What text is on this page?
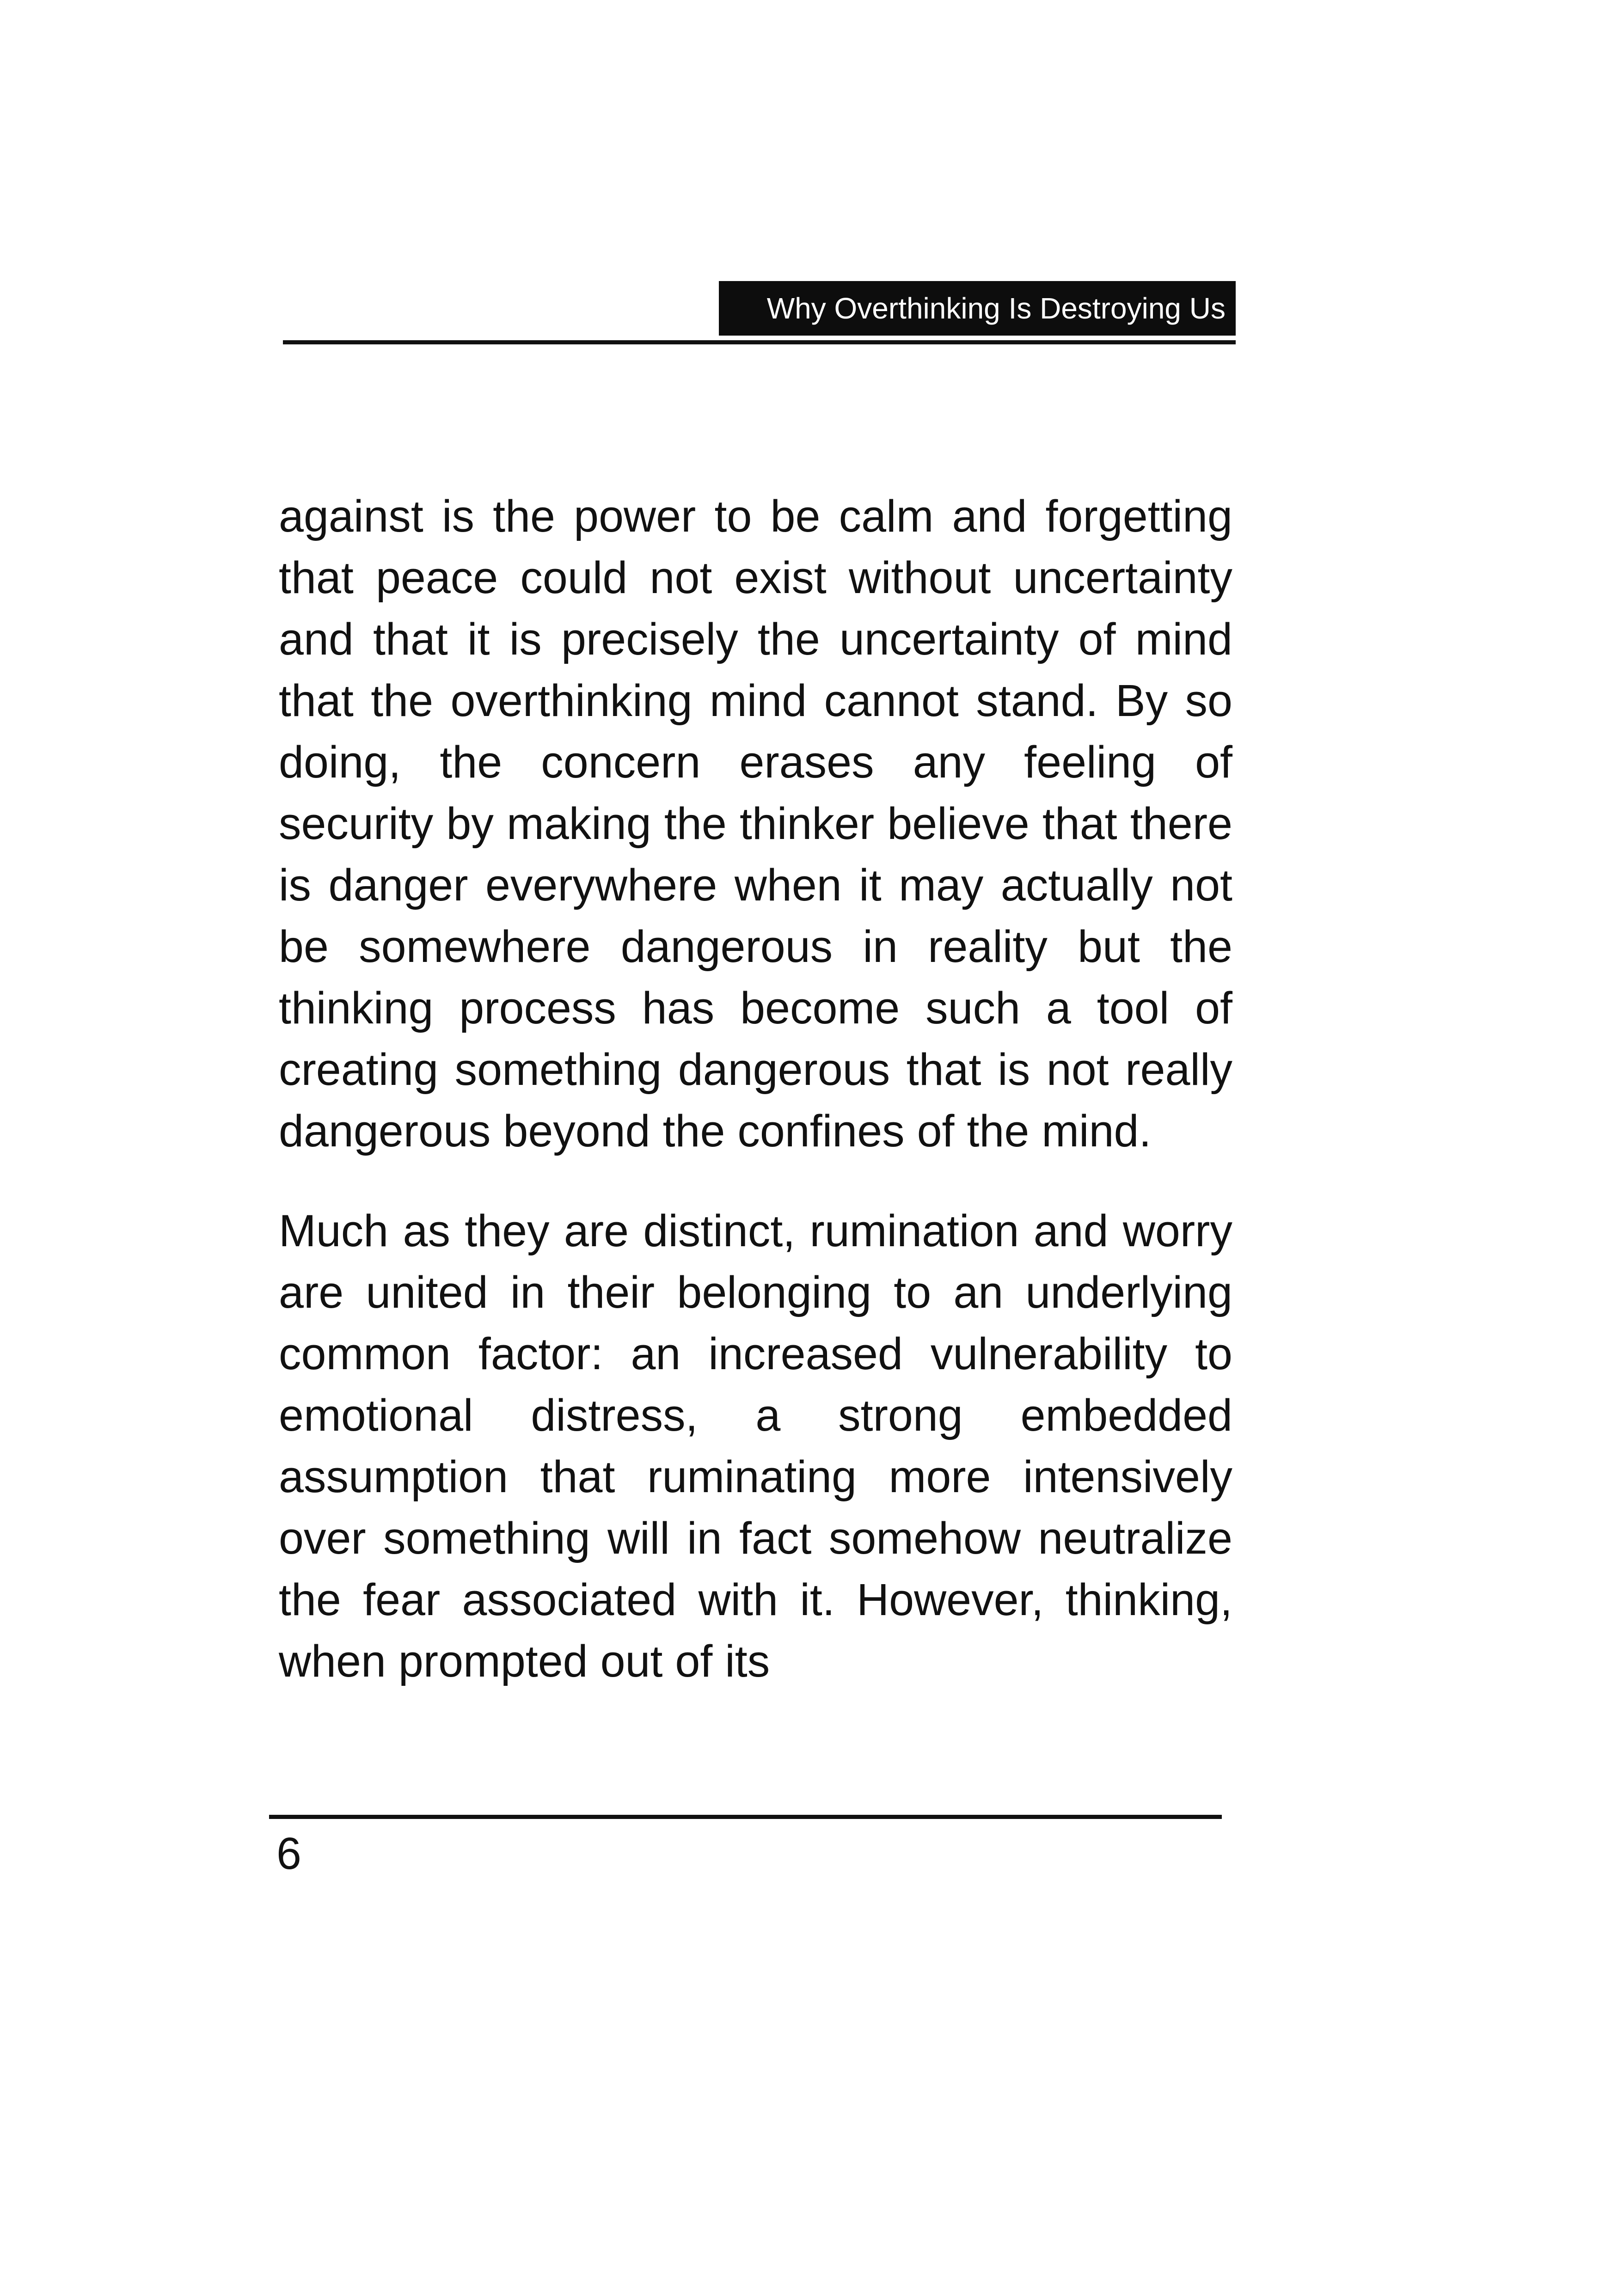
Why Overthinking Is Destroying Us

against is the power to be calm and forgetting that peace could not exist without uncertainty and that it is precisely the uncertainty of mind that the overthinking mind cannot stand. By so doing, the concern erases any feeling of security by making the thinker believe that there is danger everywhere when it may actually not be somewhere dangerous in reality but the thinking process has become such a tool of creating something dangerous that is not really dangerous beyond the confines of the mind.

Much as they are distinct, rumination and worry are united in their belonging to an underlying common factor: an increased vulnerability to emotional distress, a strong embedded assumption that ruminating more intensively over something will in fact somehow neutralize the fear associated with it. However, thinking, when prompted out of its

6
